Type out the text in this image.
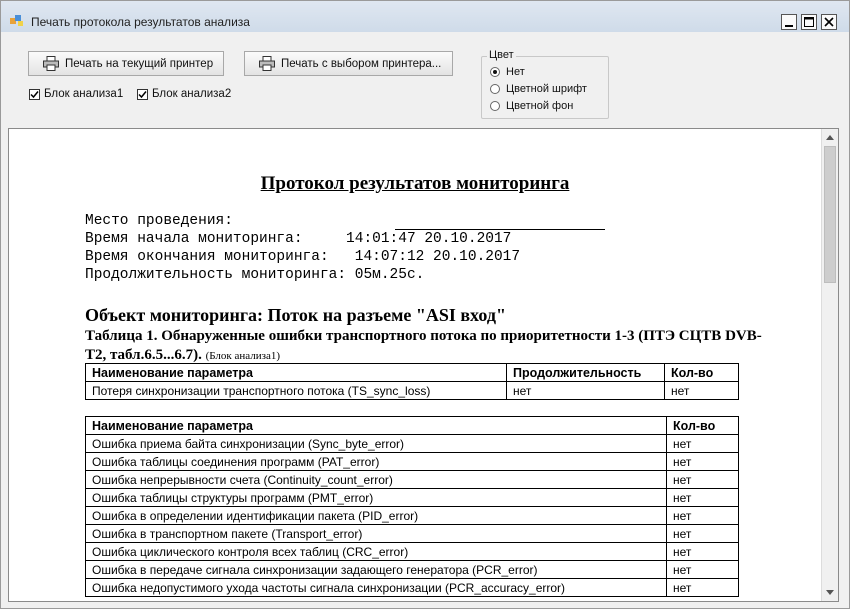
Печать протокола результатов анализа
Печать на текущий принтер	Печать с выбором принтера...
Блок анализа1	Блок анализа2
Цвет
Нет
Цветной шрифт
Цветной фон
Протокол результатов мониторинга
Место проведения:
Время начала мониторинга:     14:01:47 20.10.2017
Время окончания мониторинга:   14:07:12 20.10.2017
Продолжительность мониторинга: 05м.25с.
Объект мониторинга: Поток на разъеме "ASI вход"
Таблица 1. Обнаруженные ошибки транспортного потока по приоритетности 1-3 (ПТЭ СЦТВ DVB-T2, табл.6.5...6.7). (Блок анализа1)
Наименование параметра	Продолжительность	Кол-во
Потеря синхронизации транспортного потока (TS_sync_loss)	нет	нет
Наименование параметра	Кол-во
Ошибка приема байта синхронизации (Sync_byte_error)	нет
Ошибка таблицы соединения программ (PAT_error)	нет
Ошибка непрерывности счета (Continuity_count_error)	нет
Ошибка таблицы структуры программ (PMT_error)	нет
Ошибка в определении идентификации пакета (PID_error)	нет
Ошибка в транспортном пакете (Transport_error)	нет
Ошибка циклического контроля всех таблиц (CRC_error)	нет
Ошибка в передаче сигнала синхронизации задающего генератора (PCR_error)	нет
Ошибка недопустимого ухода частоты сигнала синхронизации (PCR_accuracy_error)	нет
